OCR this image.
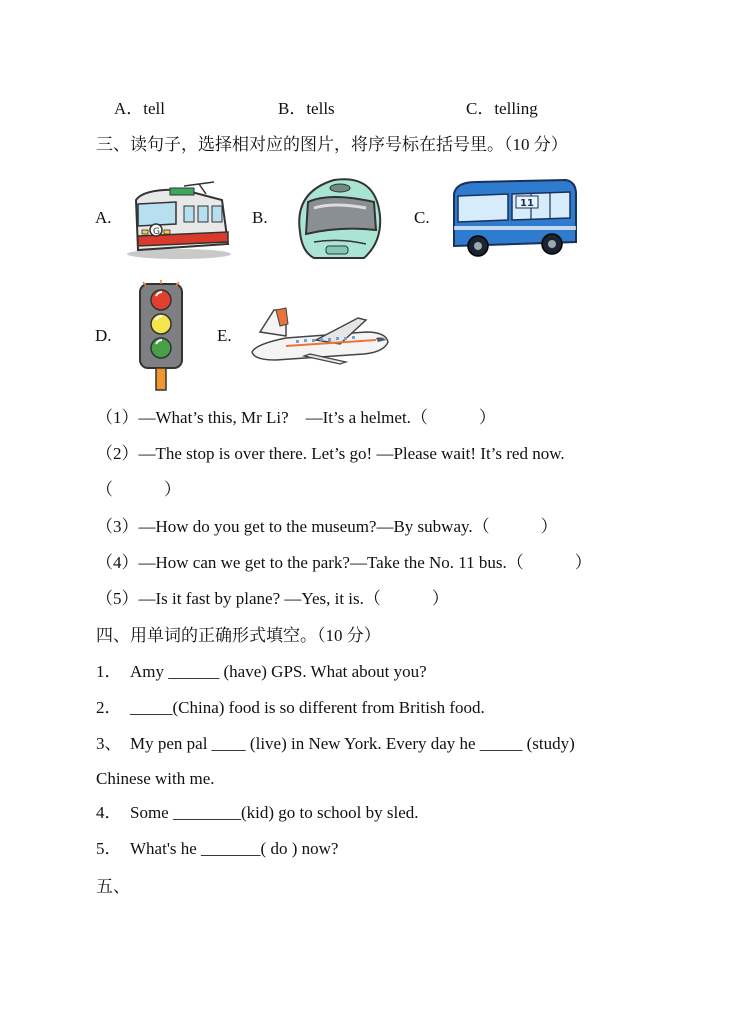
A．tell	B．tells	C．telling
三、读句子，选择相对应的图片，将序号标在括号里。（10 分）
A.	B.	C.
D.	E.
G
11
（1）—What’s this, Mr Li?　—It’s a helmet.（　　　）
（2）—The stop is over there. Let’s go! —Please wait! It’s red now.
（　　　）
（3）—How do you get to the museum?—By subway.（　　　）
（4）—How can we get to the park?—Take the No. 11 bus.（　　　）
（5）—Is it fast by plane? —Yes, it is.（　　　）
四、用单词的正确形式填空。（10 分）
1．　Amy ______ (have) GPS. What about you?
2．　_____(China) food is so different from British food.
3、　My pen pal ____ (live) in New York. Every day he _____ (study)
Chinese with me.
4．　Some ________(kid) go to school by sled.
5．　What's he _______( do ) now?
五、
